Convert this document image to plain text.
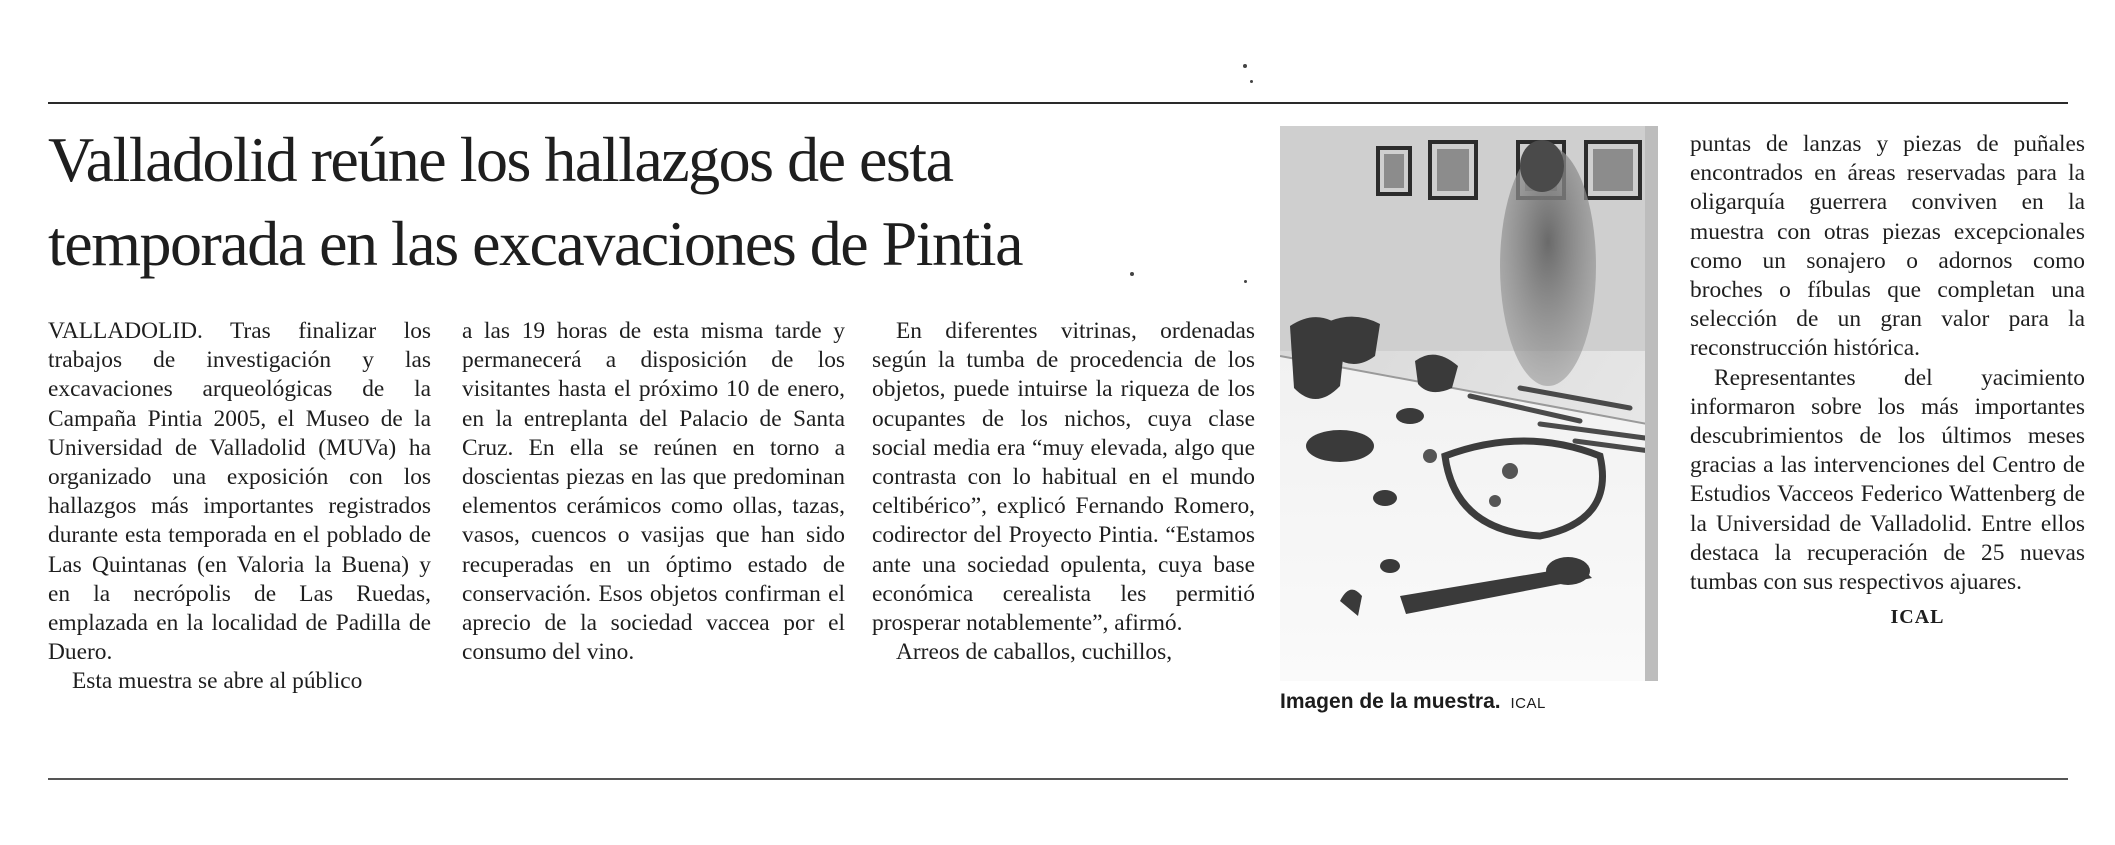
Valladolid reúne los hallazgos de esta
temporada en las excavaciones de Pintia

VALLADOLID. Tras finalizar los trabajos de investigación y las excavaciones arqueológicas de la Campaña Pintia 2005, el Museo de la Universidad de Valladolid (MUVa) ha organizado una exposición con los hallazgos más importantes registrados durante esta temporada en el poblado de Las Quintanas (en Valoria la Buena) y en la necrópolis de Las Ruedas, emplazada en la localidad de Padilla de Duero.

Esta muestra se abre al público

a las 19 horas de esta misma tarde y permanecerá a disposición de los visitantes hasta el próximo 10 de enero, en la entreplanta del Palacio de Santa Cruz. En ella se reúnen en torno a doscientas piezas en las que predominan elementos cerámicos como ollas, tazas, vasos, cuencos o vasijas que han sido recuperadas en un óptimo estado de conservación. Esos objetos confirman el aprecio de la sociedad vaccea por el consumo del vino.

En diferentes vitrinas, ordenadas según la tumba de procedencia de los objetos, puede intuirse la riqueza de los ocupantes de los nichos, cuya clase social media era “muy elevada, algo que contrasta con lo habitual en el mundo celtibérico”, explicó Fernando Romero, codirector del Proyecto Pintia. “Estamos ante una sociedad opulenta, cuya base económica cerealista les permitió prosperar notablemente”, afirmó.

Arreos de caballos, cuchillos,

Imagen de la muestra. ICAL

puntas de lanzas y piezas de puñales encontrados en áreas reservadas para la oligarquía guerrera conviven en la muestra con otras piezas excepcionales como un sonajero o adornos como broches o fíbulas que completan una selección de un gran valor para la reconstrucción histórica.

Representantes del yacimiento informaron sobre los más importantes descubrimientos de los últimos meses gracias a las intervenciones del Centro de Estudios Vacceos Federico Wattenberg de la Universidad de Valladolid. Entre ellos destaca la recuperación de 25 nuevas tumbas con sus respectivos ajuares.

ICAL
